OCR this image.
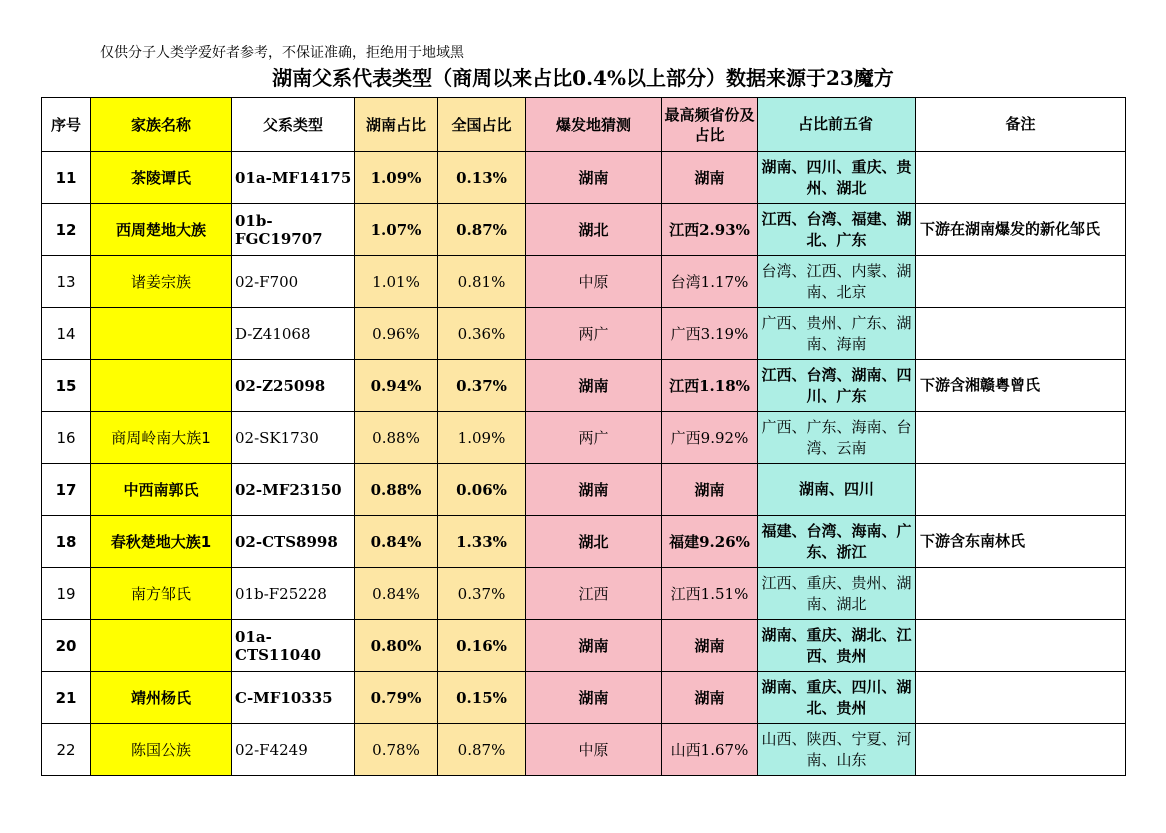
仅供分子人类学爱好者参考，不保证准确，拒绝用于地域黑
湖南父系代表类型（商周以来占比0.4%以上部分）数据来源于23魔方
序号	家族名称	父系类型	湖南占比	全国占比	爆发地猜测	最高频省份及占比	占比前五省	备注
11	茶陵谭氏	01a-MF14175	1.09%	0.13%	湖南	湖南	湖南、四川、重庆、贵州、湖北	
12	西周楚地大族	01b-FGC19707	1.07%	0.87%	湖北	江西2.93%	江西、台湾、福建、湖北、广东	下游在湖南爆发的新化邹氏
13	诸姜宗族	02-F700	1.01%	0.81%	中原	台湾1.17%	台湾、江西、内蒙、湖南、北京	
14		D-Z41068	0.96%	0.36%	两广	广西3.19%	广西、贵州、广东、湖南、海南	
15		02-Z25098	0.94%	0.37%	湖南	江西1.18%	江西、台湾、湖南、四川、广东	下游含湘赣粤曾氏
16	商周岭南大族1	02-SK1730	0.88%	1.09%	两广	广西9.92%	广西、广东、海南、台湾、云南	
17	中西南郭氏	02-MF23150	0.88%	0.06%	湖南	湖南	湖南、四川	
18	春秋楚地大族1	02-CTS8998	0.84%	1.33%	湖北	福建9.26%	福建、台湾、海南、广东、浙江	下游含东南林氏
19	南方邹氏	01b-F25228	0.84%	0.37%	江西	江西1.51%	江西、重庆、贵州、湖南、湖北	
20		01a-CTS11040	0.80%	0.16%	湖南	湖南	湖南、重庆、湖北、江西、贵州	
21	靖州杨氏	C-MF10335	0.79%	0.15%	湖南	湖南	湖南、重庆、四川、湖北、贵州	
22	陈国公族	02-F4249	0.78%	0.87%	中原	山西1.67%	山西、陕西、宁夏、河南、山东	
